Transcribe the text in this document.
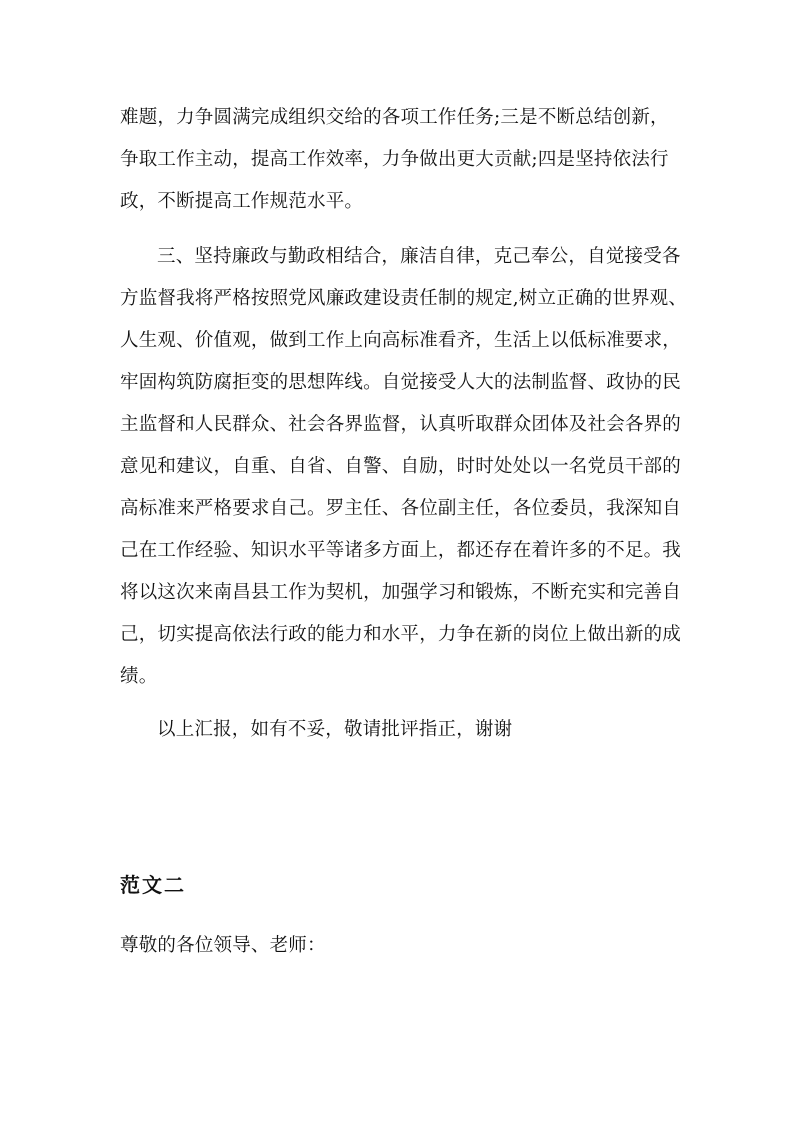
难题，力争圆满完成组织交给的各项工作任务;三是不断总结创新，
争取工作主动，提高工作效率，力争做出更大贡献;四是坚持依法行
政，不断提高工作规范水平。
三、坚持廉政与勤政相结合，廉洁自律，克己奉公，自觉接受各
方监督我将严格按照党风廉政建设责任制的规定,树立正确的世界观、
人生观、价值观，做到工作上向高标准看齐，生活上以低标准要求，
牢固构筑防腐拒变的思想阵线。自觉接受人大的法制监督、政协的民
主监督和人民群众、社会各界监督，认真听取群众团体及社会各界的
意见和建议，自重、自省、自警、自励，时时处处以一名党员干部的
高标准来严格要求自己。罗主任、各位副主任，各位委员，我深知自
己在工作经验、知识水平等诸多方面上，都还存在着许多的不足。我
将以这次来南昌县工作为契机，加强学习和锻炼，不断充实和完善自
己，切实提高依法行政的能力和水平，力争在新的岗位上做出新的成
绩。
以上汇报，如有不妥，敬请批评指正，谢谢
范文二
尊敬的各位领导、老师：
